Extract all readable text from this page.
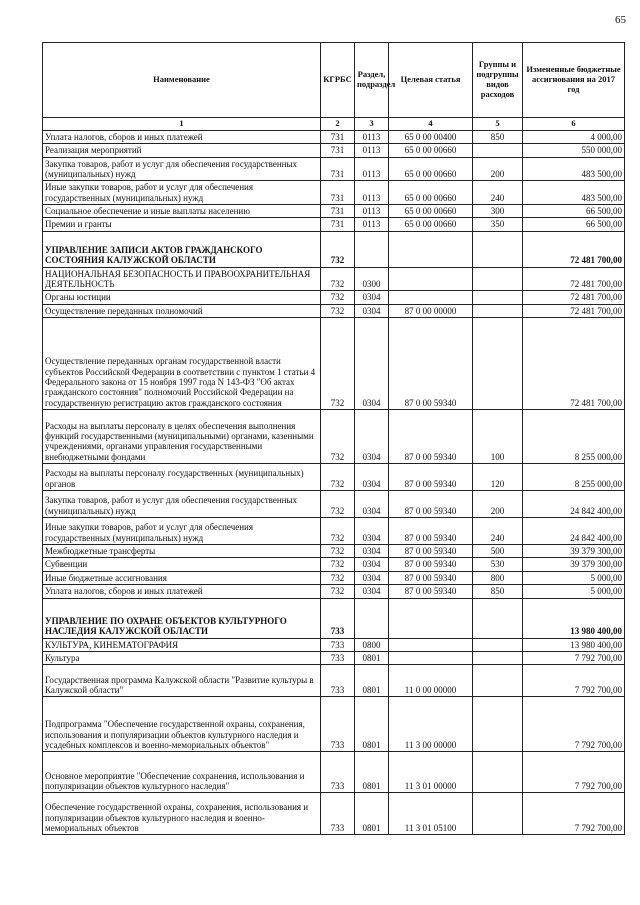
65
Наименование	КГРБС	Раздел, подраздел	Целевая статья	Группы и подгруппы видов расходов	Измененные бюджетные ассигнования на 2017 год
1	2	3	4	5	6
Уплата налогов, сборов и иных платежей	731	0113	65 0 00 00400	850	4 000,00
Реализация мероприятий	731	0113	65 0 00 00660		550 000,00
Закупка товаров, работ и услуг для обеспечения государственных (муниципальных) нужд	731	0113	65 0 00 00660	200	483 500,00
Иные закупки товаров, работ и услуг для обеспечения государственных (муниципальных) нужд	731	0113	65 0 00 00660	240	483 500,00
Социальное обеспечение и иные выплаты населению	731	0113	65 0 00 00660	300	66 500,00
Премии и гранты	731	0113	65 0 00 00660	350	66 500,00
УПРАВЛЕНИЕ ЗАПИСИ АКТОВ ГРАЖДАНСКОГО СОСТОЯНИЯ КАЛУЖСКОЙ ОБЛАСТИ	732				72 481 700,00
НАЦИОНАЛЬНАЯ БЕЗОПАСНОСТЬ И ПРАВООХРАНИТЕЛЬНАЯ ДЕЯТЕЛЬНОСТЬ	732	0300			72 481 700,00
Органы юстиции	732	0304			72 481 700,00
Осуществление переданных полномочий	732	0304	87 0 00 00000		72 481 700,00
Осуществление переданных органам государственной власти субъектов Российской Федерации в соответствии с пунктом 1 статьи 4 Федерального закона от 15 ноября 1997 года N 143-ФЗ "Об актах гражданского состояния" полномочий Российской Федерации на государственную регистрацию актов гражданского состояния	732	0304	87 0 00 59340		72 481 700,00
Расходы на выплаты персоналу в целях обеспечения выполнения функций государственными (муниципальными) органами, казенными учреждениями, органами управления государственными внебюджетными фондами	732	0304	87 0 00 59340	100	8 255 000,00
Расходы на выплаты персоналу государственных (муниципальных) органов	732	0304	87 0 00 59340	120	8 255 000,00
Закупка товаров, работ и услуг для обеспечения государственных (муниципальных) нужд	732	0304	87 0 00 59340	200	24 842 400,00
Иные закупки товаров, работ и услуг для обеспечения государственных (муниципальных) нужд	732	0304	87 0 00 59340	240	24 842 400,00
Межбюджетные трансферты	732	0304	87 0 00 59340	500	39 379 300,00
Субвенции	732	0304	87 0 00 59340	530	39 379 300,00
Иные бюджетные ассигнования	732	0304	87 0 00 59340	800	5 000,00
Уплата налогов, сборов и иных платежей	732	0304	87 0 00 59340	850	5 000,00
УПРАВЛЕНИЕ ПО ОХРАНЕ ОБЪЕКТОВ КУЛЬТУРНОГО НАСЛЕДИЯ КАЛУЖСКОЙ ОБЛАСТИ	733				13 980 400,00
КУЛЬТУРА, КИНЕМАТОГРАФИЯ	733	0800			13 980 400,00
Культура	733	0801			7 792 700,00
Государственная программа Калужской области "Развитие культуры в Калужской области"	733	0801	11 0 00 00000		7 792 700,00
Подпрограмма "Обеспечение государственной охраны, сохранения, использования и популяризации объектов культурного наследия и усадебных комплексов и военно-мемориальных объектов"	733	0801	11 3 00 00000		7 792 700,00
Основное мероприятие "Обеспечение сохранения, использования и популяризации объектов культурного наследия"	733	0801	11 3 01 00000		7 792 700,00
Обеспечение государственной охраны, сохранения, использования и популяризации объектов культурного наследия и военно-мемориальных объектов	733	0801	11 3 01 05100		7 792 700,00
